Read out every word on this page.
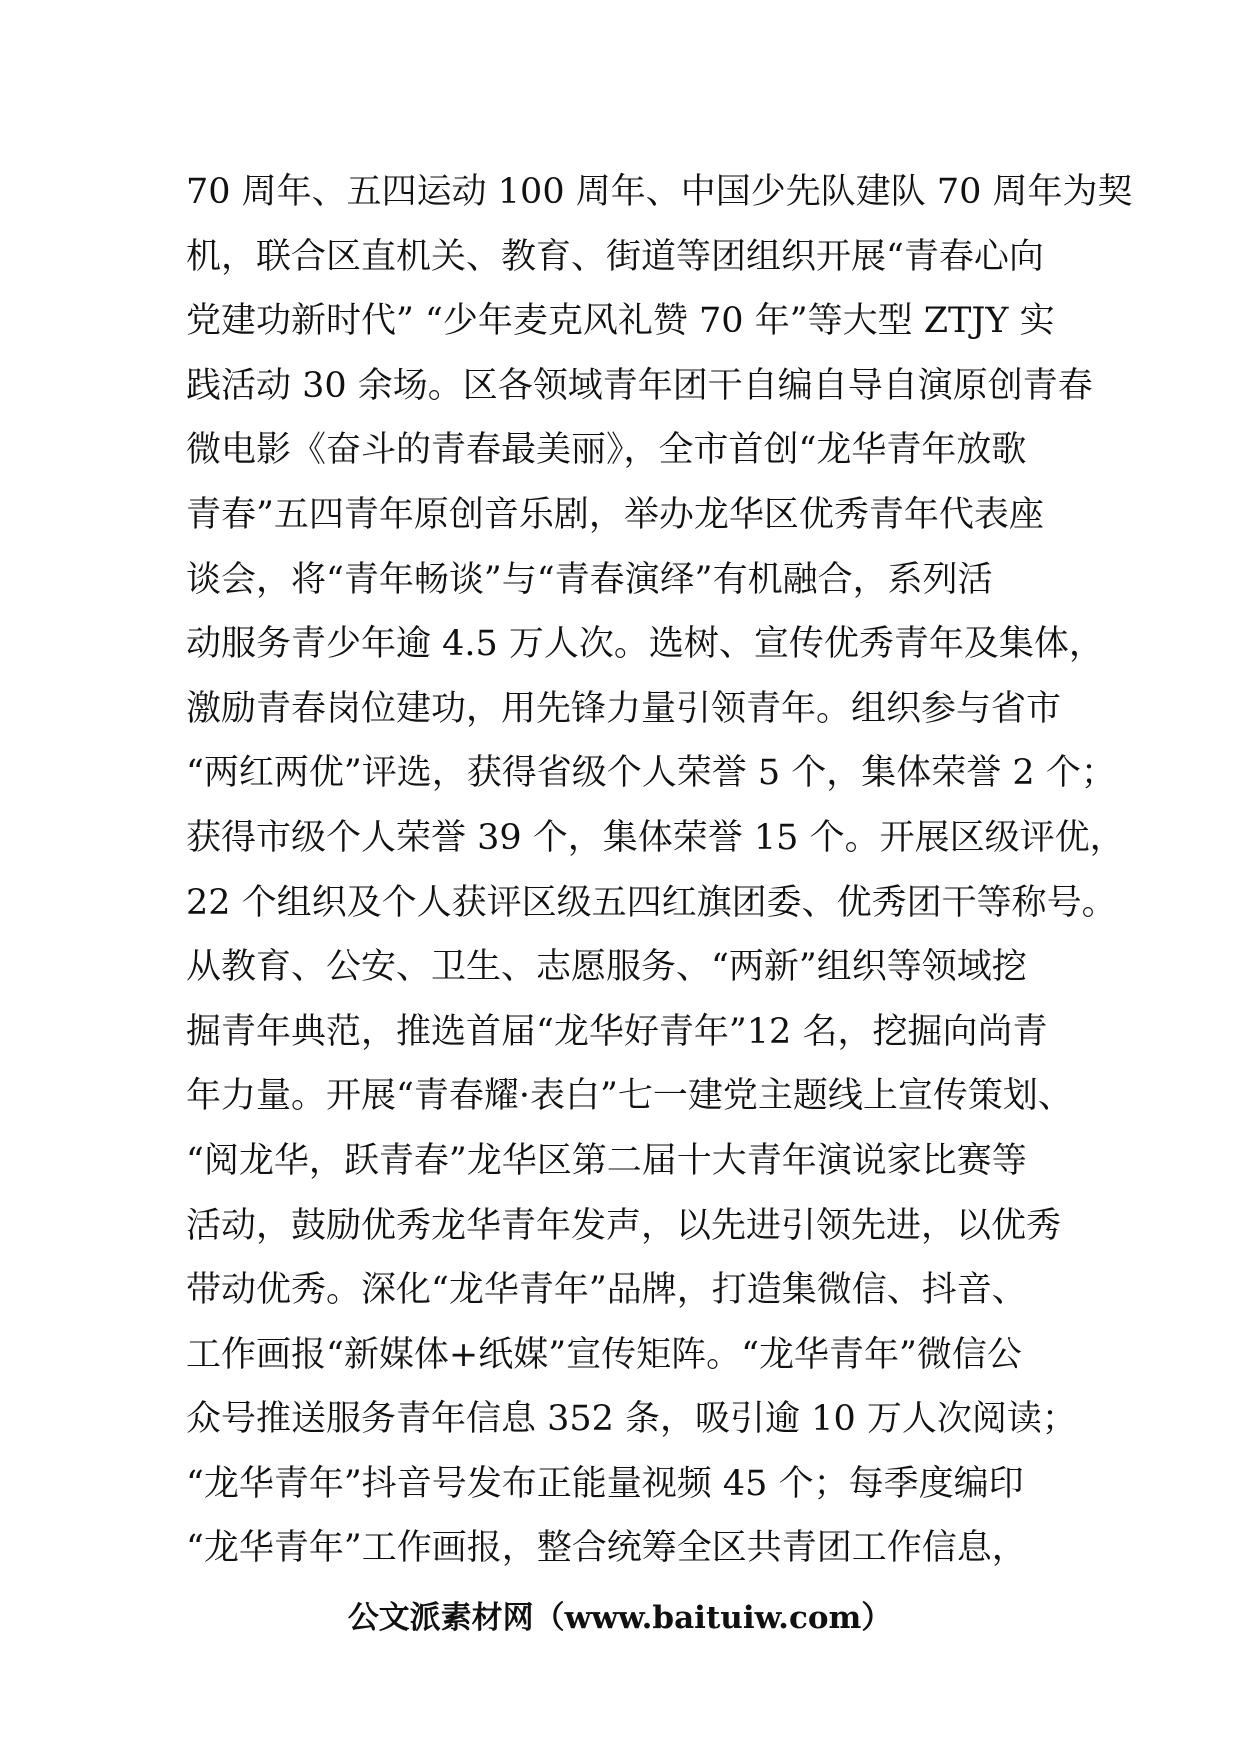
70 周年、五四运动 100 周年、中国少先队建队 70 周年为契
机，联合区直机关、教育、街道等团组织开展“青春心向
党建功新时代” “少年麦克风礼赞 70 年”等大型 ZTJY 实
践活动 30 余场。区各领域青年团干自编自导自演原创青春
微电影《奋斗的青春最美丽》，全市首创“龙华青年放歌
青春”五四青年原创音乐剧，举办龙华区优秀青年代表座
谈会，将“青年畅谈”与“青春演绎”有机融合，系列活
动服务青少年逾 4.5 万人次。选树、宣传优秀青年及集体，
激励青春岗位建功，用先锋力量引领青年。组织参与省市
“两红两优”评选，获得省级个人荣誉 5 个，集体荣誉 2 个；
获得市级个人荣誉 39 个，集体荣誉 15 个。开展区级评优，
22 个组织及个人获评区级五四红旗团委、优秀团干等称号。
从教育、公安、卫生、志愿服务、“两新”组织等领域挖
掘青年典范，推选首届“龙华好青年”12 名，挖掘向尚青
年力量。开展“青春耀·表白”七一建党主题线上宣传策划、
“阅龙华，跃青春”龙华区第二届十大青年演说家比赛等
活动，鼓励优秀龙华青年发声，以先进引领先进，以优秀
带动优秀。深化“龙华青年”品牌，打造集微信、抖音、
工作画报“新媒体+纸媒”宣传矩阵。“龙华青年”微信公
众号推送服务青年信息 352 条，吸引逾 10 万人次阅读；
“龙华青年”抖音号发布正能量视频 45 个；每季度编印
“龙华青年”工作画报，整合统筹全区共青团工作信息，
公文派素材网（www.baituiw.com）
